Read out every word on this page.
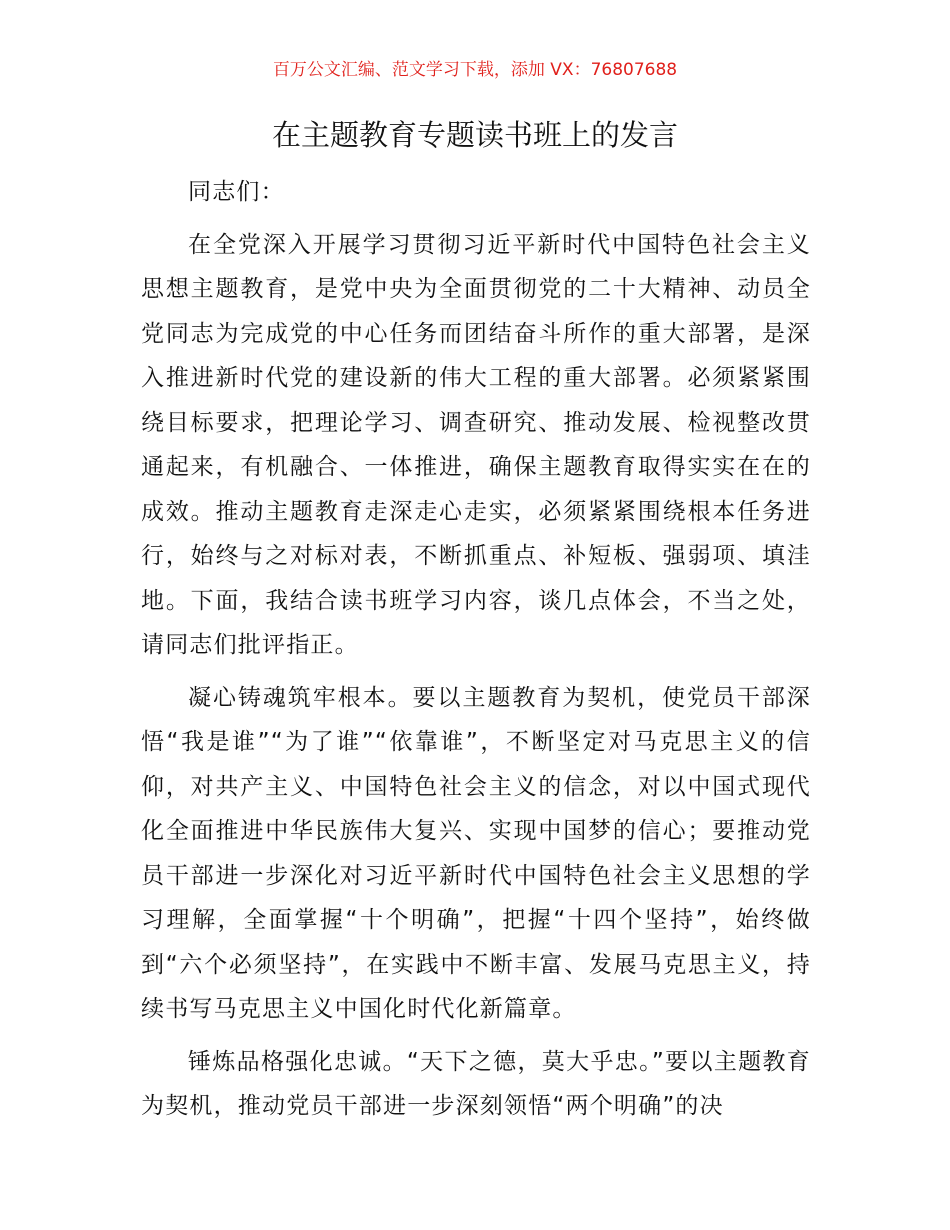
百万公文汇编、范文学习下载，添加 VX：76807688
在主题教育专题读书班上的发言

同志们：

在全党深入开展学习贯彻习近平新时代中国特色社会主义思想主题教育，是党中央为全面贯彻党的二十大精神、动员全党同志为完成党的中心任务而团结奋斗所作的重大部署，是深入推进新时代党的建设新的伟大工程的重大部署。必须紧紧围绕目标要求，把理论学习、调查研究、推动发展、检视整改贯通起来，有机融合、一体推进，确保主题教育取得实实在在的成效。推动主题教育走深走心走实，必须紧紧围绕根本任务进行，始终与之对标对表，不断抓重点、补短板、强弱项、填洼地。下面，我结合读书班学习内容，谈几点体会，不当之处，请同志们批评指正。

凝心铸魂筑牢根本。要以主题教育为契机，使党员干部深悟“我是谁”“为了谁”“依靠谁”，不断坚定对马克思主义的信仰，对共产主义、中国特色社会主义的信念，对以中国式现代化全面推进中华民族伟大复兴、实现中国梦的信心；要推动党员干部进一步深化对习近平新时代中国特色社会主义思想的学习理解，全面掌握“十个明确”，把握“十四个坚持”，始终做到“六个必须坚持”，在实践中不断丰富、发展马克思主义，持续书写马克思主义中国化时代化新篇章。

锤炼品格强化忠诚。“天下之德，莫大乎忠。”要以主题教育为契机，推动党员干部进一步深刻领悟“两个明确”的决
